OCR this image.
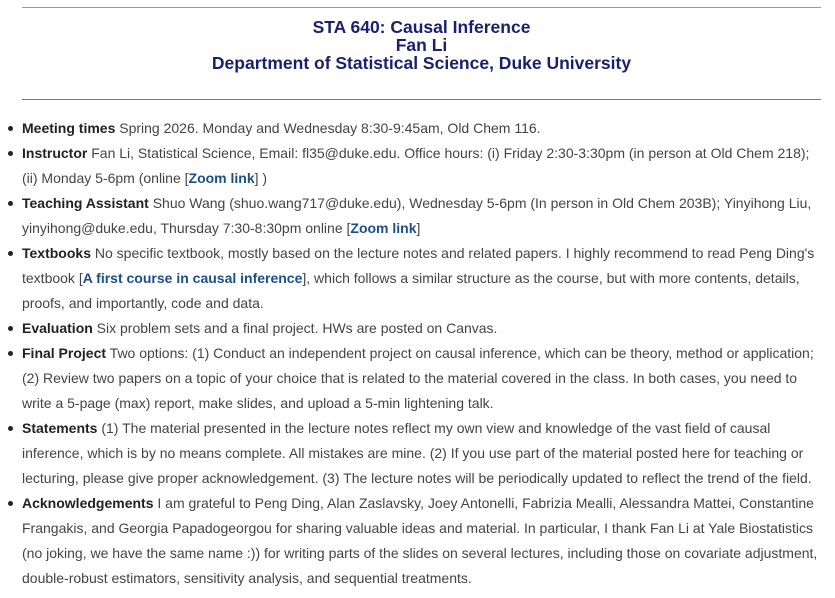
STA 640: Causal Inference
Fan Li
Department of Statistical Science, Duke University
Meeting times Spring 2026. Monday and Wednesday 8:30-9:45am, Old Chem 116.
Instructor Fan Li, Statistical Science, Email: fl35@duke.edu. Office hours: (i) Friday 2:30-3:30pm (in person at Old Chem 218); (ii) Monday 5-6pm (online [Zoom link] )
Teaching Assistant Shuo Wang (shuo.wang717@duke.edu), Wednesday 5-6pm (In person in Old Chem 203B); Yinyihong Liu, yinyihong@duke.edu, Thursday 7:30-8:30pm online [Zoom link]
Textbooks No specific textbook, mostly based on the lecture notes and related papers. I highly recommend to read Peng Ding's textbook [A first course in causal inference], which follows a similar structure as the course, but with more contents, details, proofs, and importantly, code and data.
Evaluation Six problem sets and a final project. HWs are posted on Canvas.
Final Project Two options: (1) Conduct an independent project on causal inference, which can be theory, method or application; (2) Review two papers on a topic of your choice that is related to the material covered in the class. In both cases, you need to write a 5-page (max) report, make slides, and upload a 5-min lightening talk.
Statements (1) The material presented in the lecture notes reflect my own view and knowledge of the vast field of causal inference, which is by no means complete. All mistakes are mine. (2) If you use part of the material posted here for teaching or lecturing, please give proper acknowledgement. (3) The lecture notes will be periodically updated to reflect the trend of the field.
Acknowledgements I am grateful to Peng Ding, Alan Zaslavsky, Joey Antonelli, Fabrizia Mealli, Alessandra Mattei, Constantine Frangakis, and Georgia Papadogeorgou for sharing valuable ideas and material. In particular, I thank Fan Li at Yale Biostatistics (no joking, we have the same name :)) for writing parts of the slides on several lectures, including those on covariate adjustment, double-robust estimators, sensitivity analysis, and sequential treatments.
